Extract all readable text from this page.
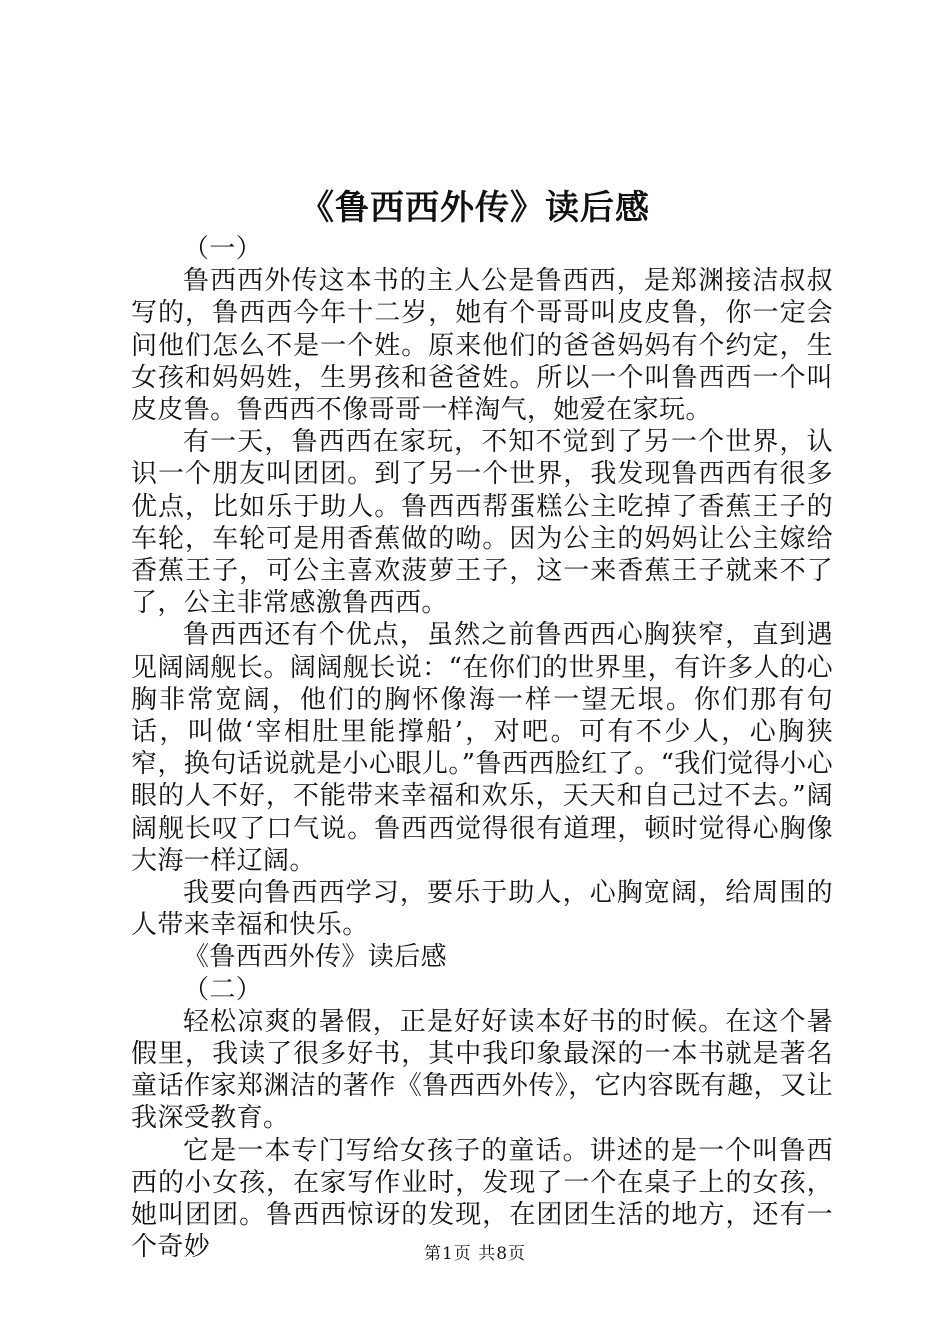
《鲁西西外传》读后感

（一）

鲁西西外传这本书的主人公是鲁西西，是郑渊接洁叔叔写的，鲁西西今年十二岁，她有个哥哥叫皮皮鲁，你一定会问他们怎么不是一个姓。原来他们的爸爸妈妈有个约定，生女孩和妈妈姓，生男孩和爸爸姓。所以一个叫鲁西西一个叫皮皮鲁。鲁西西不像哥哥一样淘气，她爱在家玩。

有一天，鲁西西在家玩，不知不觉到了另一个世界，认识一个朋友叫团团。到了另一个世界，我发现鲁西西有很多优点，比如乐于助人。鲁西西帮蛋糕公主吃掉了香蕉王子的车轮，车轮可是用香蕉做的呦。因为公主的妈妈让公主嫁给香蕉王子，可公主喜欢菠萝王子，这一来香蕉王子就来不了了，公主非常感激鲁西西。

鲁西西还有个优点，虽然之前鲁西西心胸狭窄，直到遇见阔阔舰长。阔阔舰长说：“在你们的世界里，有许多人的心胸非常宽阔，他们的胸怀像海一样一望无垠。你们那有句话，叫做‘宰相肚里能撑船’，对吧。可有不少人，心胸狭窄，换句话说就是小心眼儿。”鲁西西脸红了。“我们觉得小心眼的人不好，不能带来幸福和欢乐，天天和自己过不去。”阔阔舰长叹了口气说。鲁西西觉得很有道理，顿时觉得心胸像大海一样辽阔。

我要向鲁西西学习，要乐于助人，心胸宽阔，给周围的人带来幸福和快乐。

《鲁西西外传》读后感

（二）

轻松凉爽的暑假，正是好好读本好书的时候。在这个暑假里，我读了很多好书，其中我印象最深的一本书就是著名童话作家郑渊洁的著作《鲁西西外传》，它内容既有趣，又让我深受教育。

它是一本专门写给女孩子的童话。讲述的是一个叫鲁西西的小女孩，在家写作业时，发现了一个在桌子上的女孩，她叫团团。鲁西西惊讶的发现，在团团生活的地方，还有一个奇妙	第1页 共8页
